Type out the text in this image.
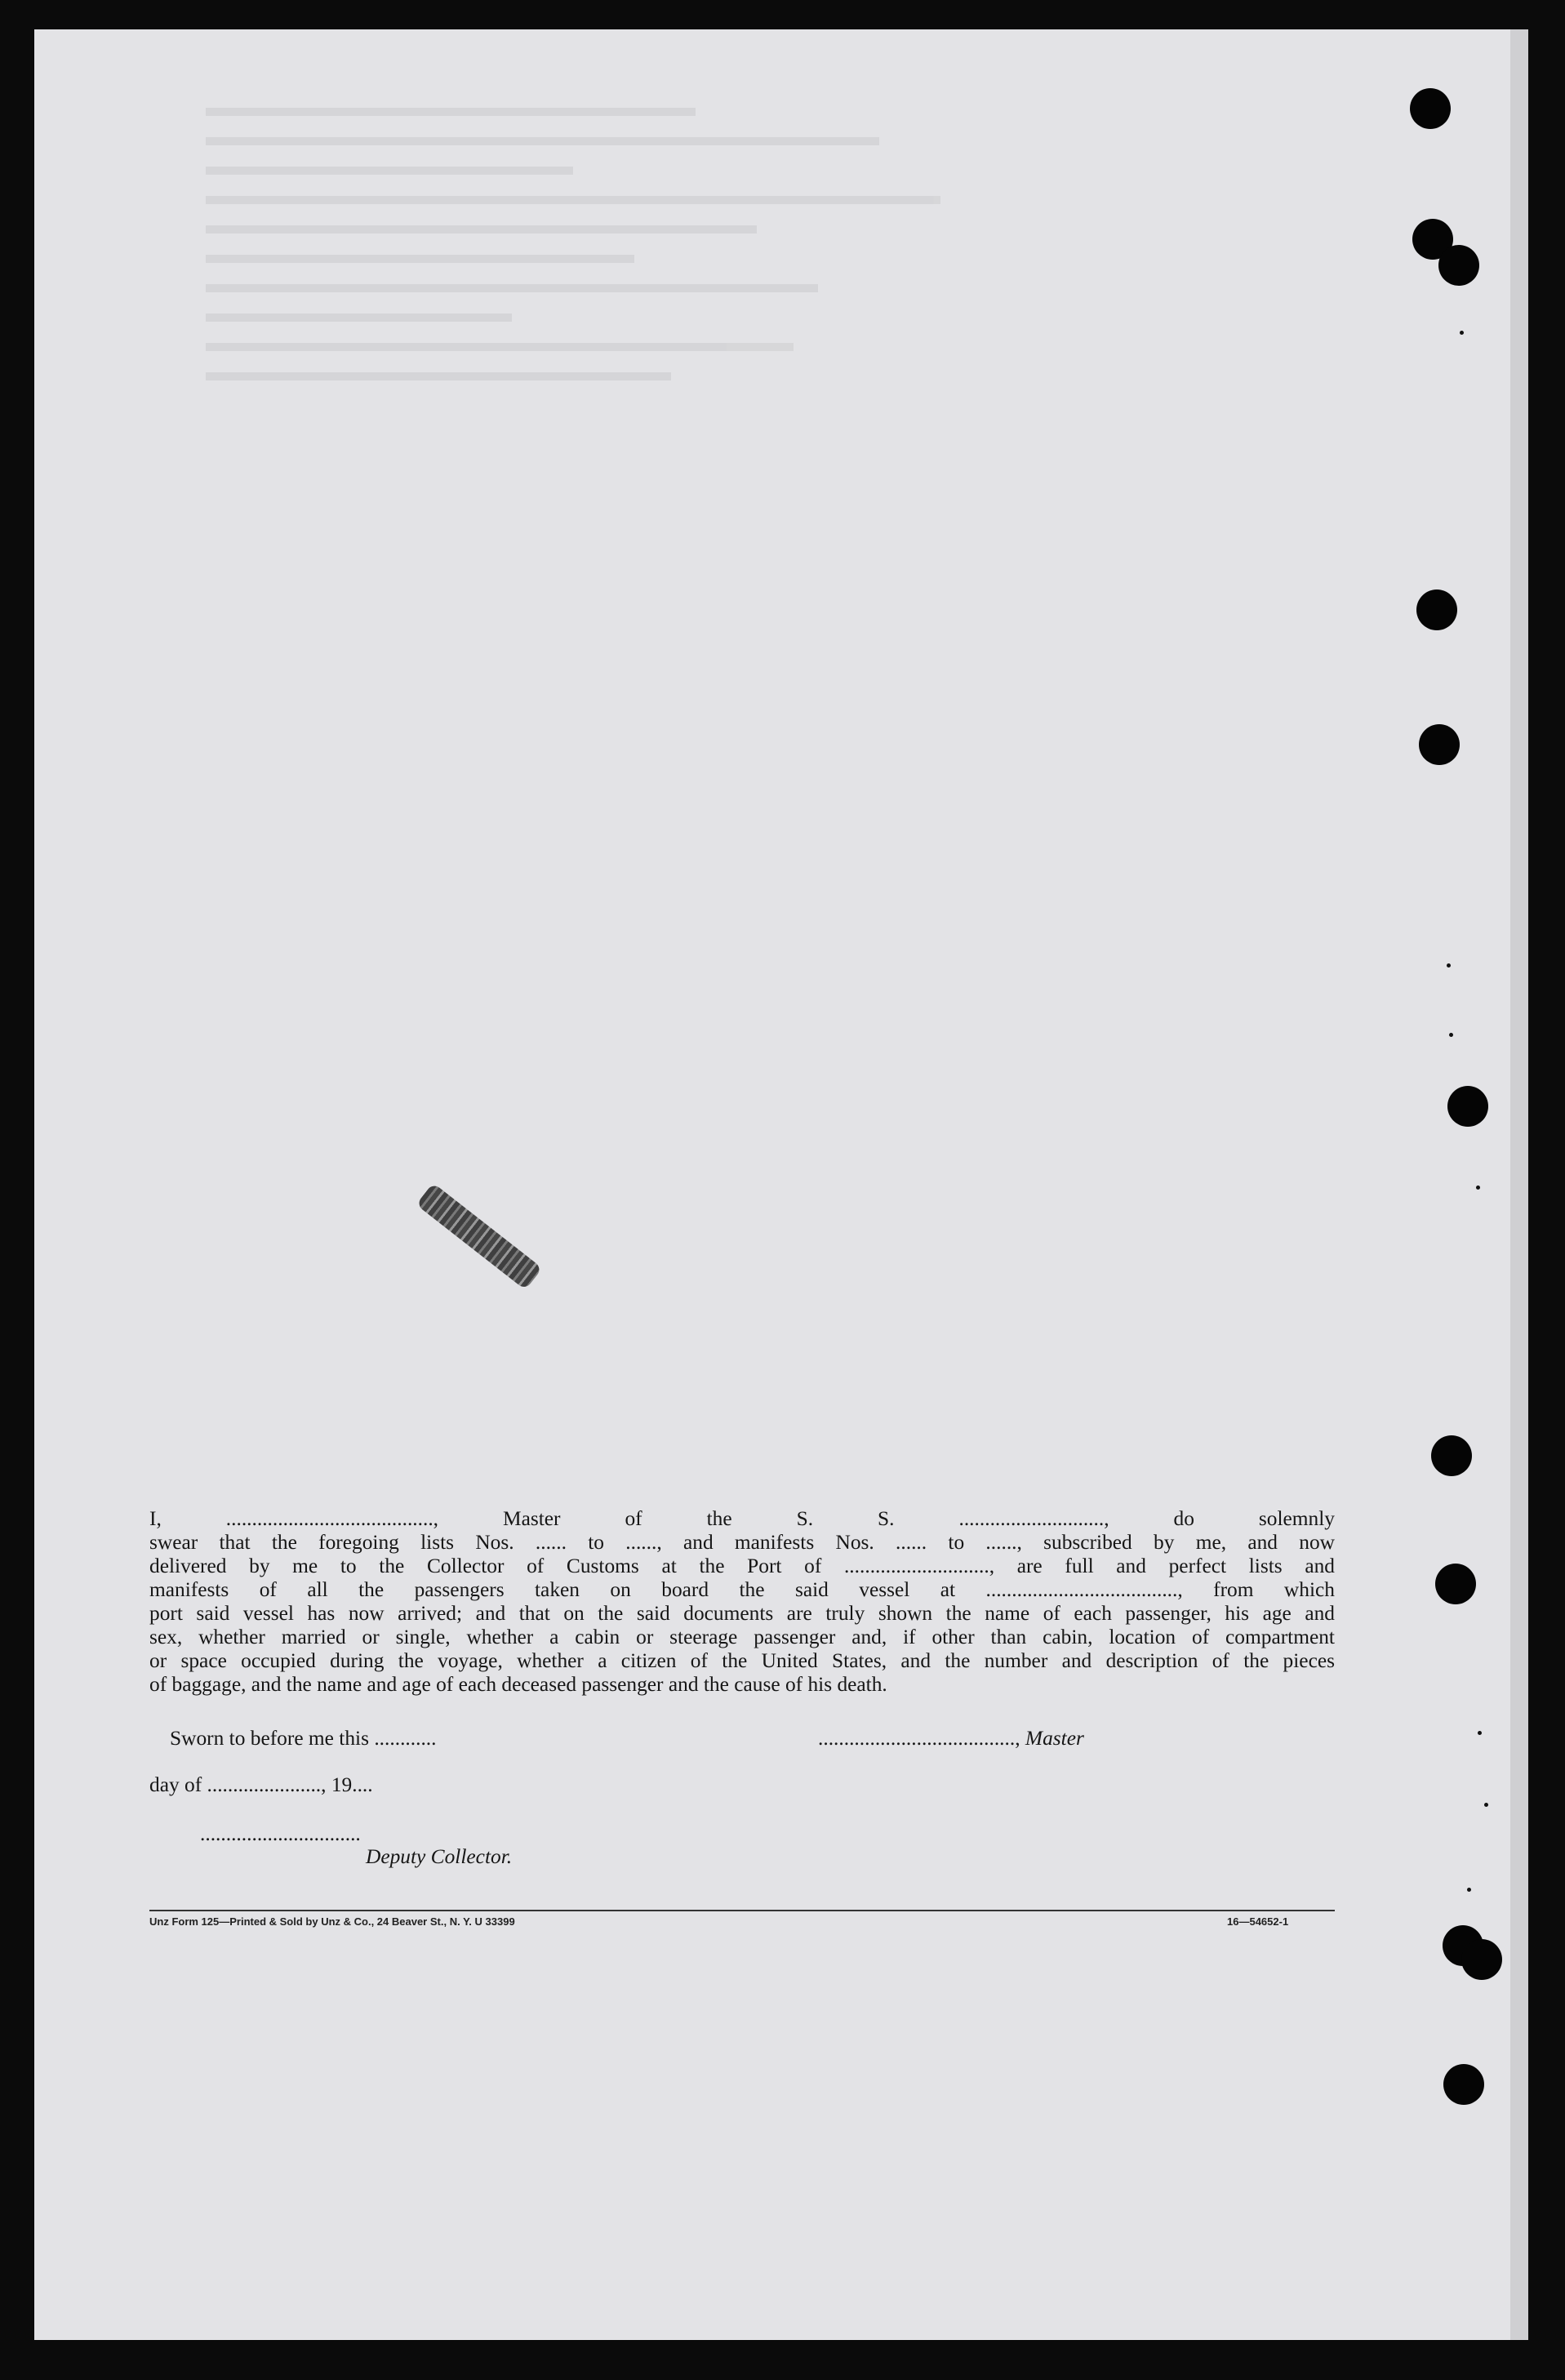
I, ........................................, Master of the S. S. ............................, do solemnly
swear that the foregoing lists Nos. ...... to ......, and manifests Nos. ...... to ......, subscribed by me, and now
delivered by me to the Collector of Customs at the Port of ............................, are full and perfect lists and
manifests of all the passengers taken on board the said vessel at ....................................., from which
port said vessel has now arrived; and that on the said documents are truly shown the name of each passenger, his age and
sex, whether married or single, whether a cabin or steerage passenger and, if other than cabin, location of compartment
or space occupied during the voyage, whether a citizen of the United States, and the number and description of the pieces
of baggage, and the name and age of each deceased passenger and the cause of his death.
Sworn to before me this ............	......................................, Master
day of ......................, 19....
...............................
Deputy Collector.
Unz Form 125—Printed & Sold by Unz & Co., 24 Beaver St., N. Y. U 33399	16—54652-1
